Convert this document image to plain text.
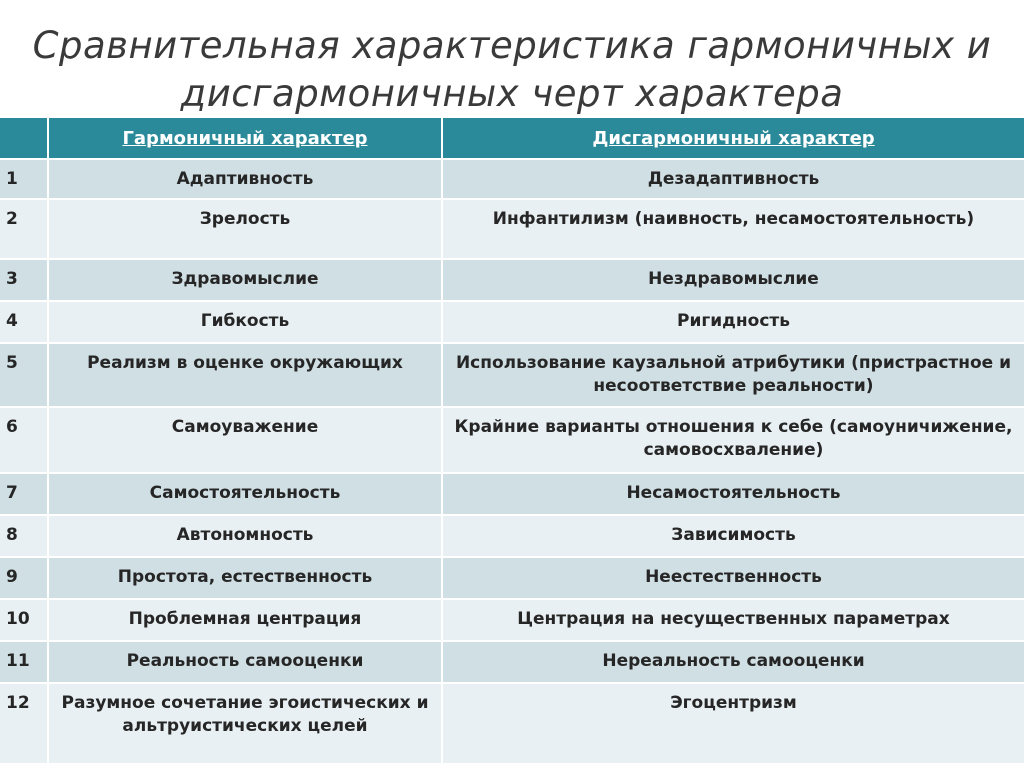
Сравнительная характеристика гармоничных и
дисгармоничных черт характера
	Гармоничный характер	Дисгармоничный характер
1	Адаптивность	Дезадаптивность
2	Зрелость	Инфантилизм (наивность, несамостоятельность)
3	Здравомыслие	Нездравомыслие
4	Гибкость	Ригидность
5	Реализм в оценке окружающих	Использование каузальной атрибутики (пристрастное и несоответствие реальности)
6	Самоуважение	Крайние варианты отношения к себе (самоуничижение, самовосхваление)
7	Самостоятельность	Несамостоятельность
8	Автономность	Зависимость
9	Простота, естественность	Неестественность
10	Проблемная центрация	Центрация на несущественных параметрах
11	Реальность самооценки	Нереальность самооценки
12	Разумное сочетание эгоистических и альтруистических целей	Эгоцентризм
